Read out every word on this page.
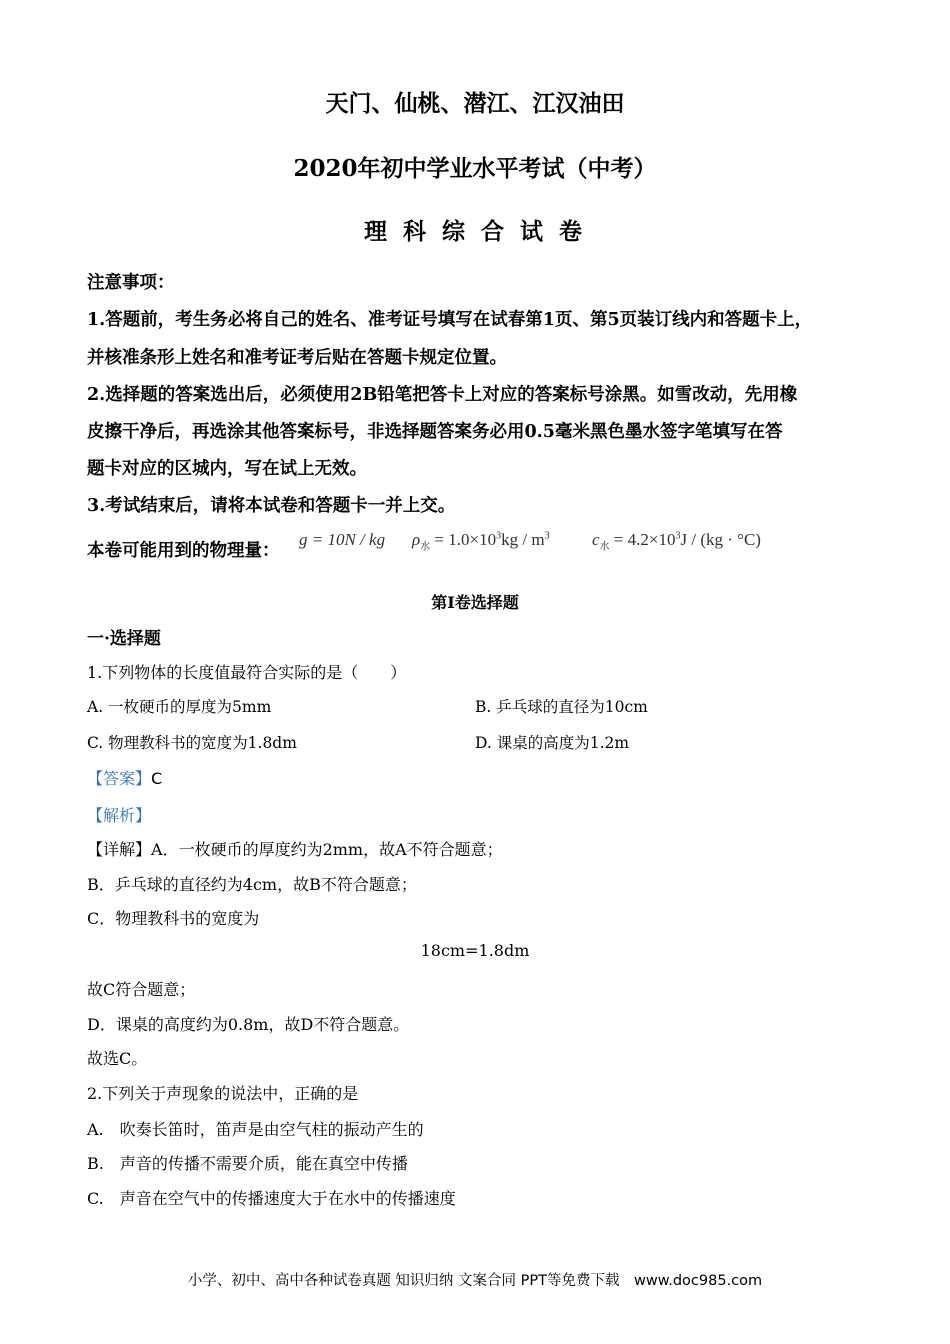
天门、仙桃、潜江、江汉油田
2020年初中学业水平考试（中考）
理 科 综 合 试 卷
注意事项：
1.答题前，考生务必将自己的姓名、准考证号填写在试春第1页、第5页装订线内和答题卡上，
并核准条形上姓名和准考证考后贴在答题卡规定位置。
2.选择题的答案选出后，必须使用2B铅笔把答卡上对应的答案标号涂黑。如雪改动，先用橡
皮擦干净后，再选涂其他答案标号，非选择题答案务必用0.5毫米黑色墨水签字笔填写在答
题卡对应的区城内，写在试上无效。
3.考试结束后，请将本试卷和答题卡一并上交。
本卷可能用到的物理量：
g = 10N / kg $\rho_水 = 1.0\times 10^3kg / m^3$ $c_水 = 4.2\times 10^3J / (kg \cdot ^\circ C)$
第Ⅰ卷选择题
一·选择题
1.下列物体的长度值最符合实际的是（　　）
A. 一枚硬币的厚度为5mm	B. 乒乓球的直径为10cm
C. 物理教科书的宽度为1.8dm	D. 课桌的高度为1.2m
【答案】C
【解析】
【详解】A．一枚硬币的厚度约为2mm，故A不符合题意；
B．乒乓球的直径约为4cm，故B不符合题意；
C．物理教科书的宽度为
18cm=1.8dm
故C符合题意；
D．课桌的高度约为0.8m，故D不符合题意。
故选C。
2.下列关于声现象的说法中，正确的是
A.　吹奏长笛时，笛声是由空气柱的振动产生的
B.　声音的传播不需要介质，能在真空中传播
C.　声音在空气中的传播速度大于在水中的传播速度
小学、初中、高中各种试卷真题 知识归纳 文案合同 PPT等免费下载　www.doc985.com
